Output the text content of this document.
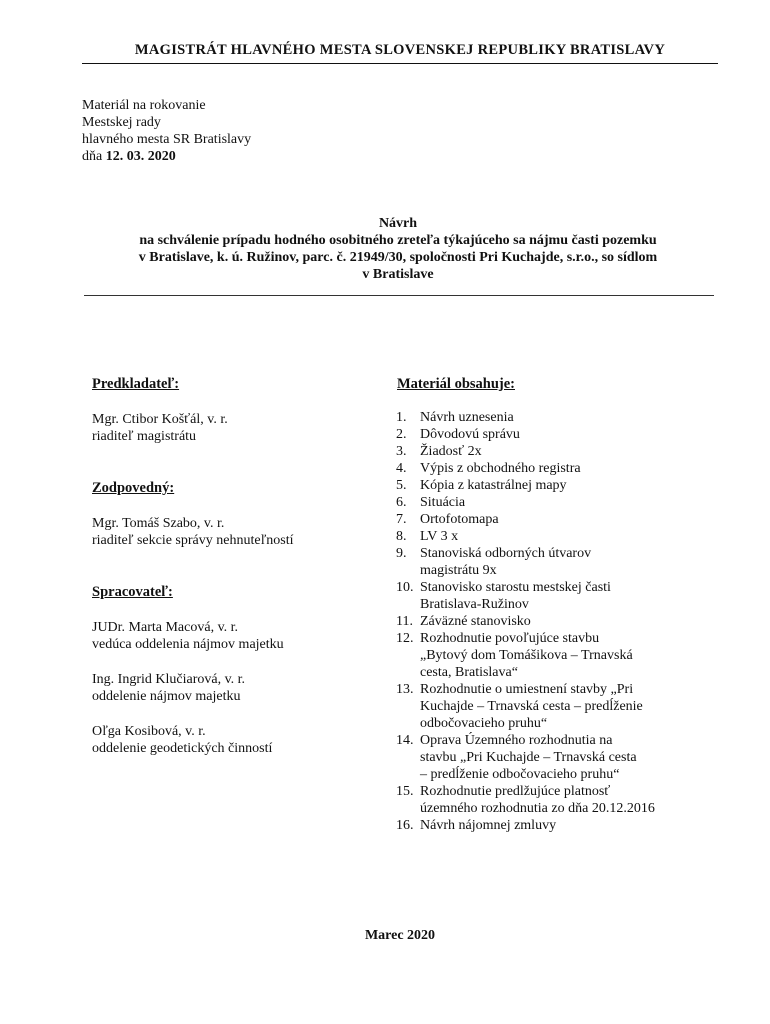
MAGISTRÁT HLAVNÉHO MESTA SLOVENSKEJ REPUBLIKY BRATISLAVY
Materiál na rokovanie
Mestskej rady
hlavného mesta SR Bratislavy
dňa 12. 03. 2020
Návrh
na schválenie prípadu hodného osobitného zreteľa týkajúceho sa nájmu časti pozemku
v Bratislave, k. ú. Ružinov, parc. č. 21949/30, spoločnosti Pri Kuchajde, s.r.o., so sídlom
v Bratislave
Predkladateľ:

Mgr. Ctibor Košťál, v. r.

riaditeľ magistrátu

Zodpovedný:

Mgr. Tomáš Szabo, v. r.

riaditeľ sekcie správy nehnuteľností

Spracovateľ:

JUDr. Marta Macová, v. r.

vedúca oddelenia nájmov majetku

Ing. Ingrid Klučiarová, v. r.

oddelenie nájmov majetku

Oľga Kosibová, v. r.

oddelenie geodetických činností

Materiál obsahuje:
1. Návrh uznesenia
2. Dôvodovú správu
3. Žiadosť 2x
4. Výpis z obchodného registra
5. Kópia z katastrálnej mapy
6. Situácia
7. Ortofotomapa
8. LV 3 x
9. Stanoviská odborných útvarov
magistrátu 9x
10. Stanovisko starostu mestskej časti
Bratislava-Ružinov
11. Záväzné stanovisko
12. Rozhodnutie povoľujúce stavbu
„Bytový dom Tomášikova – Trnavská
cesta, Bratislava“
13. Rozhodnutie o umiestnení stavby „Pri
Kuchajde – Trnavská cesta – predĺženie
odbočovacieho pruhu“
14. Oprava Územného rozhodnutia na
stavbu „Pri Kuchajde – Trnavská cesta
– predĺženie odbočovacieho pruhu“
15. Rozhodnutie predlžujúce platnosť
územného rozhodnutia zo dňa 20.12.2016
16. Návrh nájomnej zmluvy
Marec 2020
